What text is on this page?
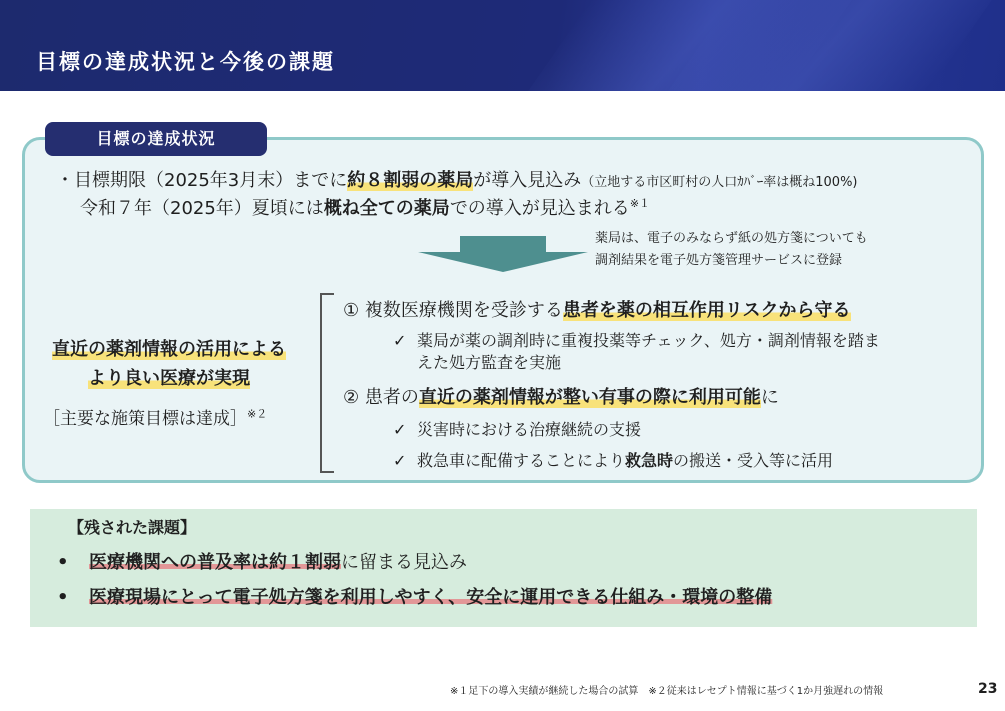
目標の達成状況と今後の課題
目標の達成状況
・目標期限（2025年3月末）までに約８割弱の薬局が導入見込み（立地する市区町村の人口ｶﾊﾞｰ率は概ね100%)
令和７年（2025年）夏頃には概ね全ての薬局での導入が見込まれる$^{※1}$
薬局は、電子のみならず紙の処方箋についても
調剤結果を電子処方箋管理サービスに登録
直近の薬剤情報の活用による
より良い医療が実現
［主要な施策目標は達成］$^{※2}$
① 複数医療機関を受診する患者を薬の相互作用リスクから守る
✓ 薬局が薬の調剤時に重複投薬等チェック、処方・調剤情報を踏ま
えた処方監査を実施
② 患者の直近の薬剤情報が整い有事の際に利用可能に
✓ 災害時における治療継続の支援
✓ 救急車に配備することにより救急時の搬送・受入等に活用
【残された課題】
• 医療機関への普及率は約１割弱に留まる見込み
• 医療現場にとって電子処方箋を利用しやすく、安全に運用できる仕組み・環境の整備
※１足下の導入実績が継続した場合の試算　※２従来はレセプト情報に基づく1か月強遅れの情報	23
